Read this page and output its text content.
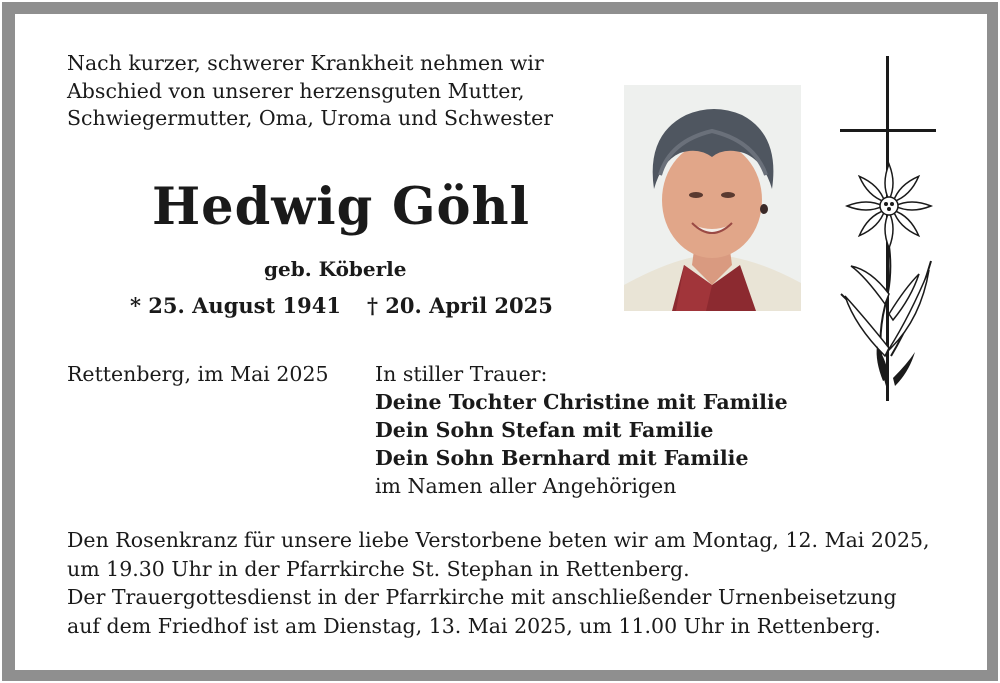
Nach kurzer, schwerer Krankheit nehmen wir
Abschied von unserer herzensguten Mutter,
Schwiegermutter, Oma, Uroma und Schwester
Hedwig Göhl
geb. Köberle
* 25. August 1941 † 20. April 2025
Rettenberg, im Mai 2025 In stiller Trauer:
Deine Tochter Christine mit Familie
Dein Sohn Stefan mit Familie
Dein Sohn Bernhard mit Familie
im Namen aller Angehörigen
Den Rosenkranz für unsere liebe Verstorbene beten wir am Montag, 12. Mai 2025,
um 19.30 Uhr in der Pfarrkirche St. Stephan in Rettenberg.
Der Trauergottesdienst in der Pfarrkirche mit anschließender Urnenbeisetzung
auf dem Friedhof ist am Dienstag, 13. Mai 2025, um 11.00 Uhr in Rettenberg.
